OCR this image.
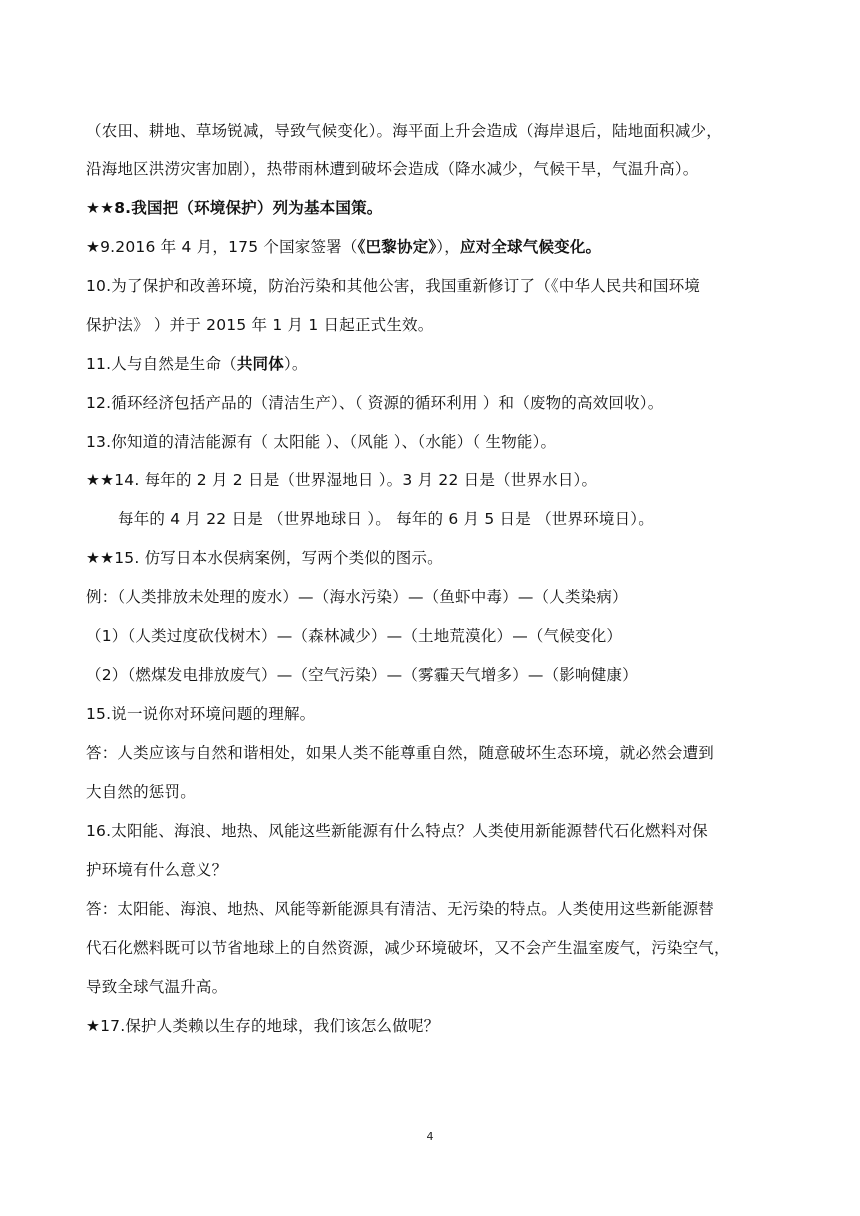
（农田、耕地、草场锐减，导致气候变化）。海平面上升会造成（海岸退后，陆地面积减少，
沿海地区洪涝灾害加剧），热带雨林遭到破坏会造成（降水减少，气候干旱，气温升高）。
★★8.我国把（环境保护）列为基本国策。
★9.2016 年 4 月，175 个国家签署（《巴黎协定》），应对全球气候变化。
10.为了保护和改善环境，防治污染和其他公害，我国重新修订了（《中华人民共和国环境
保护法》 ）并于 2015 年 1 月 1 日起正式生效。
11.人与自然是生命（共同体）。
12.循环经济包括产品的（清洁生产）、（ 资源的循环利用 ）和（废物的高效回收）。
13.你知道的清洁能源有（ 太阳能 ）、（风能 ）、（水能）（ 生物能）。
★★14. 每年的 2 月 2 日是（世界湿地日 ）。3 月 22 日是（世界水日）。
每年的 4 月 22 日是 （世界地球日 ）。 每年的 6 月 5 日是 （世界环境日）。
★★15. 仿写日本水俣病案例，写两个类似的图示。
例：（人类排放未处理的废水）—（海水污染）—（鱼虾中毒）—（人类染病）
（1）（人类过度砍伐树木）—（森林减少）—（土地荒漠化）—（气候变化）
（2）（燃煤发电排放废气）—（空气污染）—（雾霾天气增多）—（影响健康）
15.说一说你对环境问题的理解。
答：人类应该与自然和谐相处，如果人类不能尊重自然，随意破坏生态环境，就必然会遭到
大自然的惩罚。
16.太阳能、海浪、地热、风能这些新能源有什么特点？人类使用新能源替代石化燃料对保
护环境有什么意义？
答：太阳能、海浪、地热、风能等新能源具有清洁、无污染的特点。人类使用这些新能源替
代石化燃料既可以节省地球上的自然资源，减少环境破坏，又不会产生温室废气，污染空气，
导致全球气温升高。
★17.保护人类赖以生存的地球，我们该怎么做呢？
4
